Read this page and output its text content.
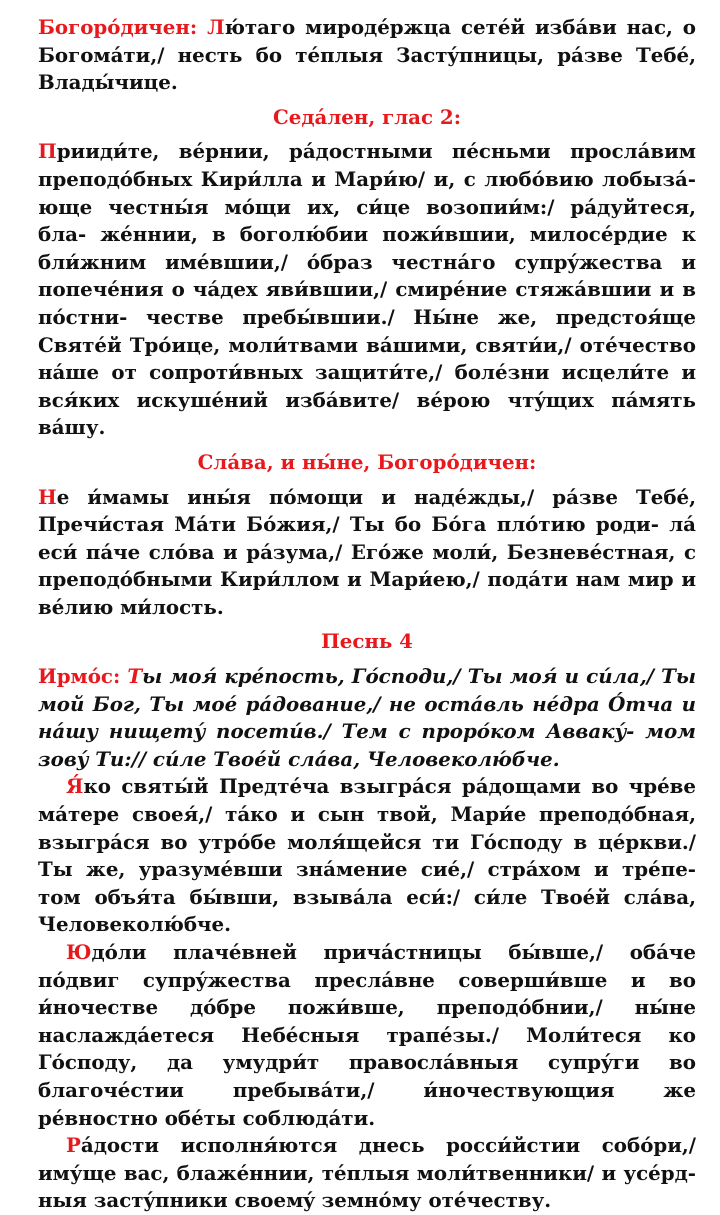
Богоро́дичен: Лю́таго миродéржца сетéй избáви нас, о Богомáти,/ несть бо тéплыя Застýпницы, рáзве Тебé, Влады́чице.

Седáлен, глас 2:

Прииди́те, вéрнии, рáдостными пéсньми прослáвим преподо́бных Кири́лла и Мари́ю/ и, с любо́вию лобызá- юще честны́я мо́щи их, си́це возопии́м:/ рáдуйтеся, бла- жéннии, в боголю́бии пожи́вшии, милосéрдие к бли́жним имéвшии,/ о́браз честнáго супрýжества и попечéния о чáдех яви́вшии,/ смирéние стяжáвшии и в по́стни- честве пребы́вшии./ Ны́не же, предстоя́ще Святéй Тро́ице, моли́твами вáшими, святи́и,/ отéчество нáше от сопроти́вных защити́те,/ болéзни исцели́те и вся́ких искушéний избáвите/ вéрою чтýщих пáмять вáшу.

Слáва, и ны́не, Богоро́дичен:

Не и́мамы ины́я по́мощи и надéжды,/ рáзве Тебé, Пречи́стая Мáти Бо́жия,/ Ты бо Бо́га пло́тию роди- лá еси́ пáче сло́ва и рáзума,/ Его́же моли́, Безневéстная, с преподо́бными Кири́ллом и Мари́ею,/ подáти нам мир и вéлию ми́лость.

Песнь 4

Ирмо́с: Ты моя́ крéпость, Го́споди,/ Ты моя́ и си́ла,/ Ты мой Бог, Ты моé рáдование,/ не остáвль нéдра О́тча и нáшу нищетý посети́в./ Тем с проро́ком Аввакý- мом зовý Ти:// си́ле Твоéй слáва, Человеколю́бче.

Я́ко святы́й Предтéча взыгрáся рáдощами во чрéве мáтере своея́,/ тáко и сын твой, Мари́е преподо́бная, взыгрáся во утро́бе моля́щейся ти Го́споду в цéркви./ Ты же, уразумéвши знáмение сиé,/ стрáхом и трéпе- том объя́та бы́вши, взывáла еси́:/ си́ле Твоéй слáва, Человеколю́бче.

Юдо́ли плачéвней причáстницы бы́вше,/ обáче по́двиг супрýжества преслáвне соверши́вше и во и́ночестве до́бре пожи́вше, преподо́бнии,/ ны́не наслаждáетеся Небéсныя трапéзы./ Моли́теся ко Го́споду, да умудри́т правослáвныя супрýги во благочéстии пребывáти,/ и́ночествующия же рéвностно обéты соблюдáти.

Рáдости исполня́ются днесь росси́йстии собо́ри,/ иму́ще вас, блажéннии, тéплыя моли́твенники/ и усéрд- ныя застýпники своемý земно́му отéчеству.
